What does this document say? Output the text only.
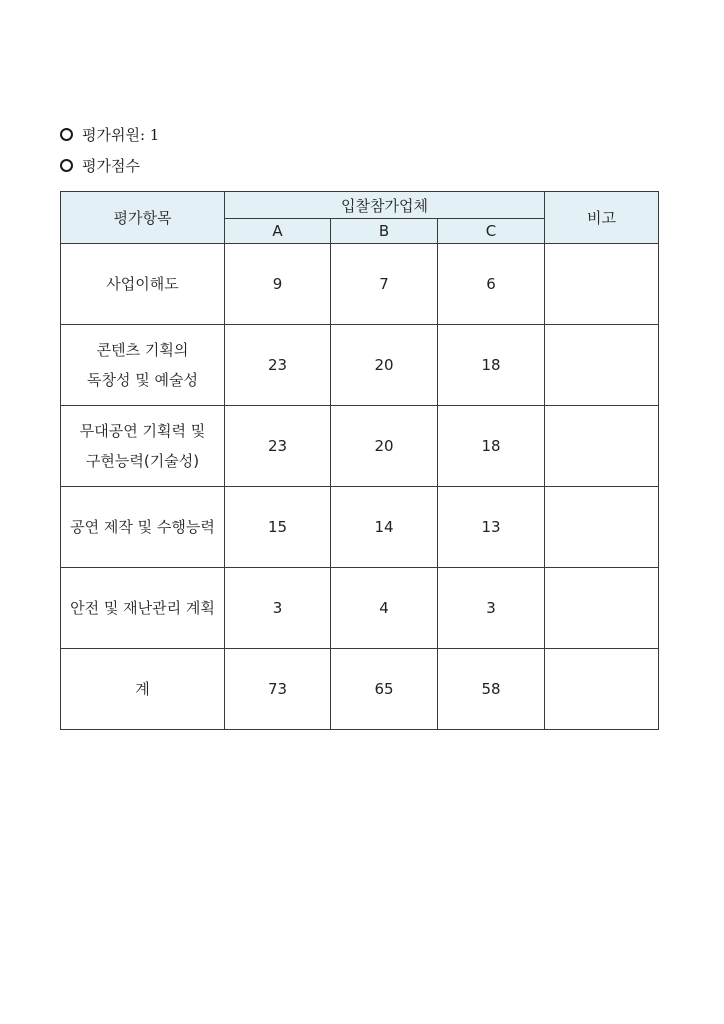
평가위원: 1
평가점수
평가항목	입찰참가업체			비고
	A	B	C	
사업이해도	9	7	6	
콘텐츠 기획의
독창성 및 예술성	23	20	18	
무대공연 기획력 및
구현능력(기술성)	23	20	18	
공연 제작 및 수행능력	15	14	13	
안전 및 재난관리 계획	3	4	3	
계	73	65	58	
